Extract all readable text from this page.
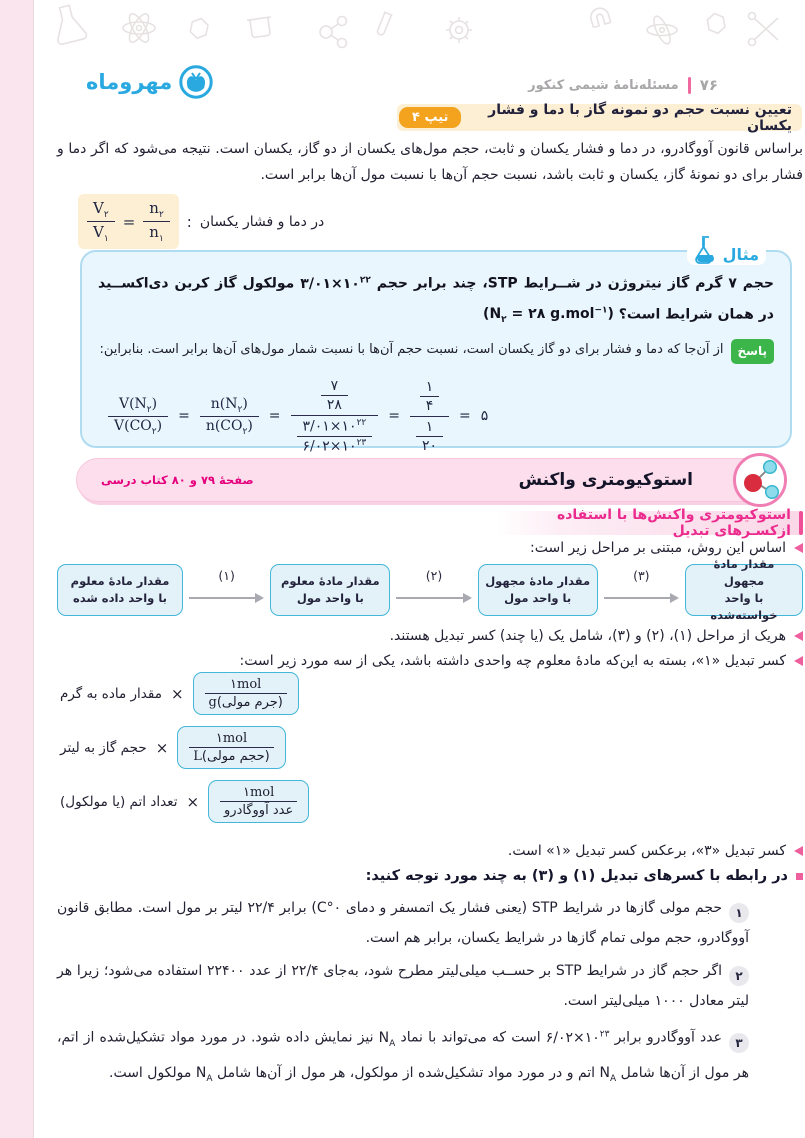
مهروماه	مسئله‌نامهٔ شیمی کنکور ۷۶
تیپ ۴	تعیین نسبت حجم دو نمونه گاز با دما و فشار یکسان

براساس قانون آووگادرو، در دما و فشار یکسان و ثابت، حجم مول‌های یکسان از دو گاز، یکسان است. نتیجه می‌شود که اگر دما و فشار برای دو نمونهٔ گاز، یکسان و ثابت باشد، نسبت حجم آن‌ها با نسبت مول آن‌ها برابر است.

$\frac{V_۲}{V_۱} = \frac{n_۲}{n_۱}$ : در دما و فشار یکسان
مثال

حجم ۷ گرم گاز نیتروژن در شــرایط STP، چند برابر حجم $۳/۰۱\times ۱۰^{۲۲}$ مولکول گاز کربن دی‌اکســید در همان شرایط است؟ ($N_۲$ = ۲۸ g.mol$^{-۱}$)

پاسخ
از آن‌جا که دما و فشار برای دو گاز یکسان است، نسبت حجم آن‌ها با نسبت شمار مول‌های آن‌ها برابر است. بنابراین:
$\frac{V(N_۲)}{V(CO_۲)} = \frac{n(N_۲)}{n(CO_۲)} = \frac{\frac{۷}{۲۸}}{\frac{۳/۰۱\times ۱۰^{۲۲}}{۶/۰۲\times ۱۰^{۲۳}}} = \frac{\frac{۱}{۴}}{\frac{۱}{۲۰}}$ = ۵
استوکیومتری واکنش
صفحهٔ ۷۹ و ۸۰ کتاب درسی
استوکیومتری واکنش‌ها با استفاده ازکسـرهای تبدیل
اساس این روش، مبتنی بر مراحل زیر است:
مقدار مادهٔ معلوم
با واحد داده شده
(۱)	مقدار مادهٔ معلوم
با واحد مول
(۲)	مقدار مادهٔ مجهول
با واحد مول
(۳)
مقدار مادهٔ مجهول
با واحد خواسته‌شده
هریک از مراحل (۱)، (۲) و (۳)، شامل یک (یا چند) کسر تبدیل هستند.
کسر تبدیل «۱»، بسته به این‌که مادهٔ معلوم چه واحدی داشته باشد، یکی از سه مورد زیر است:
مقدار ماده به گرم × $\frac{\text{۱mol}}{\text{g (جرم مولی)}}$
حجم گاز به لیتر × $\frac{\text{۱mol}}{\text{L (حجم مولی)}}$
تعداد اتم (یا مولکول) × $\frac{\text{۱mol}}{\text{عدد آووگادرو}}$
کسر تبدیل «۳»، برعکس کسر تبدیل «۱» است.
در رابطه با کسرهای تبدیل (۱) و (۳) به چند مورد توجه کنید:

۱حجم مولی گازها در شرایط STP (یعنی فشار یک اتمسفر و دمای C°۰) برابر ۲۲/۴ لیتر بر مول است. مطابق قانون آووگادرو، حجم مولی تمام گازها در شرایط یکسان، برابر هم است.

۲اگر حجم گاز در شرایط STP بر حســب میلی‌لیتر مطرح شود، به‌جای ۲۲/۴ از عدد ۲۲۴۰۰ استفاده می‌شود؛ زیرا هر لیتر معادل ۱۰۰۰ میلی‌لیتر است.

۳عدد آووگادرو برابر $۶/۰۲\times ۱۰^{۲۳}$ است که می‌تواند با نماد $N_A$ نیز نمایش داده شود. در مورد مواد تشکیل‌شده از اتم، هر مول از آن‌ها شامل $N_A$ اتم و در مورد مواد تشکیل‌شده از مولکول، هر مول از آن‌ها شامل $N_A$ مولکول است.
